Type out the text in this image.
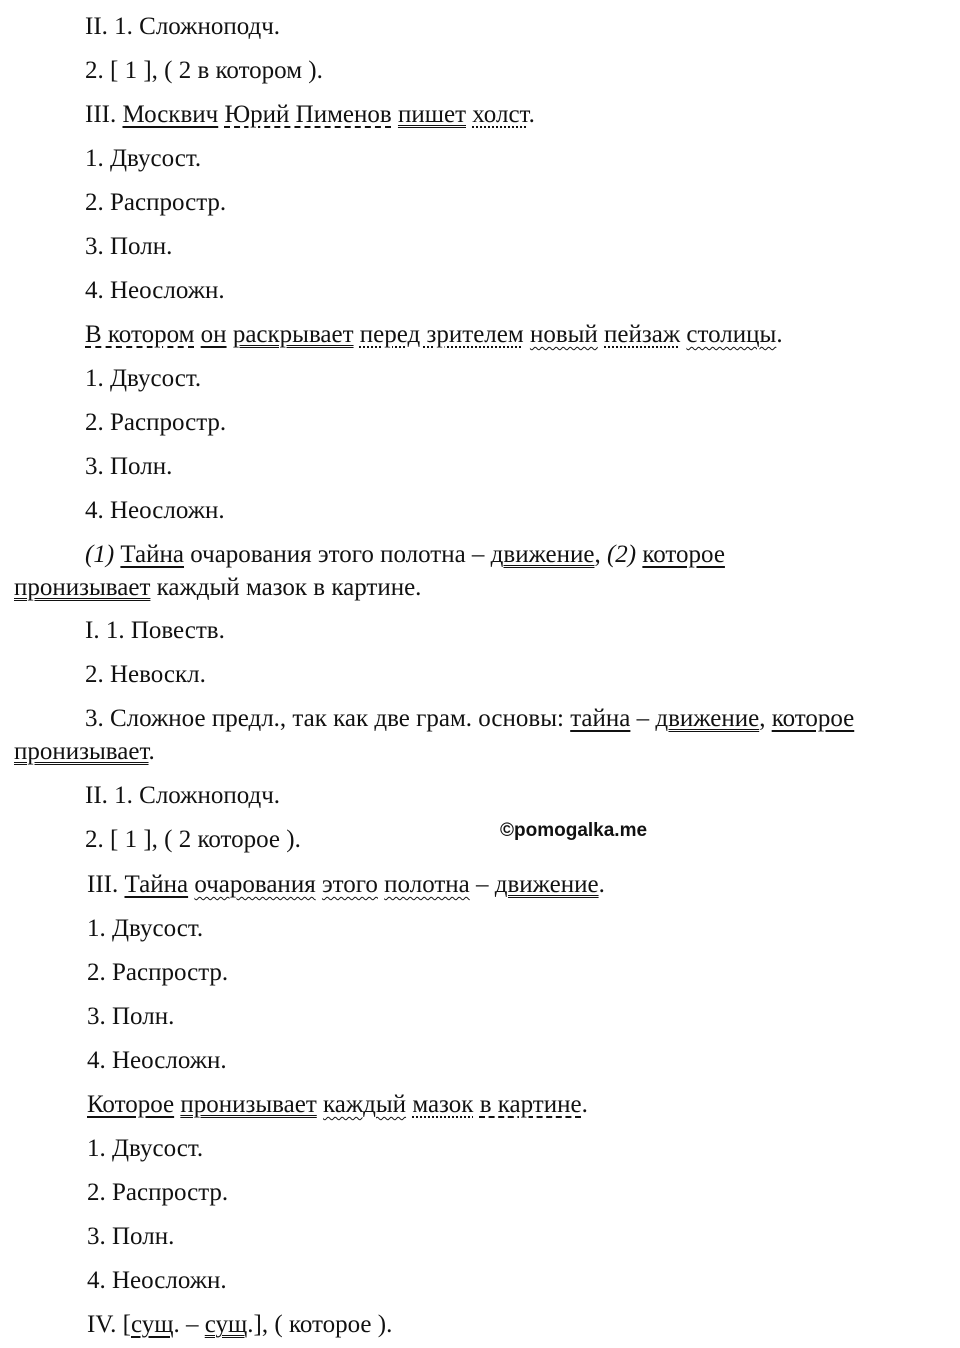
II. 1. Сложноподч.
2. [ 1 ], ( 2 в котором ).
III. Москвич Юрий Пименов пишет холст.
1. Двусост.
2. Распростр.
3. Полн.
4. Неосложн.
В котором он раскрывает перед зрителем новый пейзаж столицы.
1. Двусост.
2. Распростр.
3. Полн.
4. Неосложн.
(1) Тайна очарования этого полотна – движение, (2) которое
пронизывает каждый мазок в картине.
I. 1. Повеств.
2. Невоскл.
3. Сложное предл., так как две грам. основы: тайна – движение, которое
пронизывает.
II. 1. Сложноподч.
2. [ 1 ], ( 2 которое ).	©pomogalka.me
III. Тайна очарования этого полотна – движение.
1. Двусост.
2. Распростр.
3. Полн.
4. Неосложн.
Которое пронизывает каждый мазок в картине.
1. Двусост.
2. Распростр.
3. Полн.
4. Неосложн.
IV. [сущ. – сущ.], ( которое ).
